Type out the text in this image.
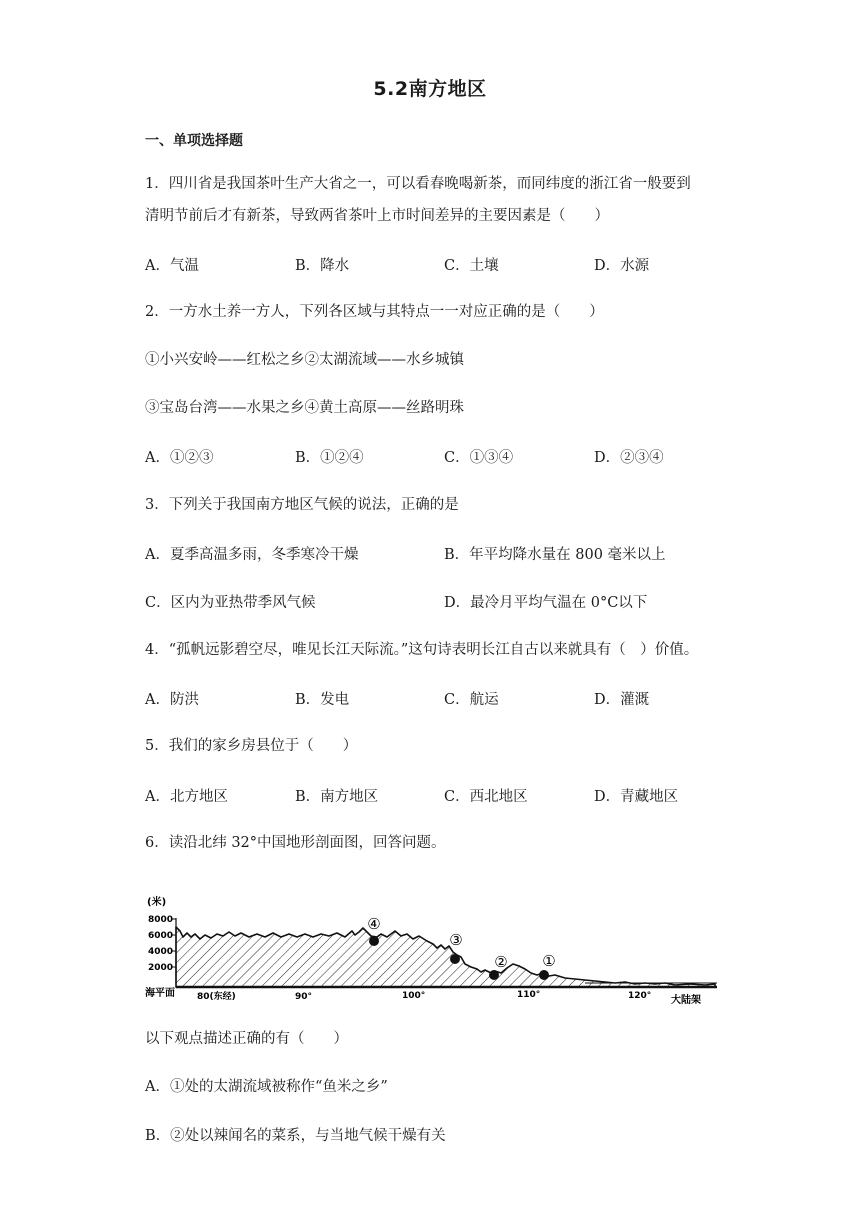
5.2南方地区
一、单项选择题
1．四川省是我国茶叶生产大省之一，可以看春晚喝新茶，而同纬度的浙江省一般要到
清明节前后才有新茶，导致两省茶叶上市时间差异的主要因素是（　　）
A．气温	B．降水	C．土壤	D．水源
2．一方水土养一方人，下列各区域与其特点一一对应正确的是（　　）
①小兴安岭——红松之乡②太湖流域——水乡城镇
③宝岛台湾——水果之乡④黄土高原——丝路明珠
A．①②③	B．①②④	C．①③④	D．②③④
3．下列关于我国南方地区气候的说法，正确的是
A．夏季高温多雨，冬季寒冷干燥	B．年平均降水量在 800 毫米以上
C．区内为亚热带季风气候	D．最冷月平均气温在 0°C以下
4．“孤帆远影碧空尽，唯见长江天际流。”这句诗表明长江自古以来就具有（　）价值。
A．防洪	B．发电	C．航运	D．灌溉
5．我们的家乡房县位于（　　）
A．北方地区	B．南方地区	C．西北地区	D．青藏地区
6．读沿北纬 32°中国地形剖面图，回答问题。
(米)
8000
6000
4000
2000
海平面 80(东经)	90°	100°	110°	120° 大陆架
④
③
② ①
以下观点描述正确的有（　　）
A．①处的太湖流域被称作“鱼米之乡”
B．②处以辣闻名的菜系，与当地气候干燥有关
